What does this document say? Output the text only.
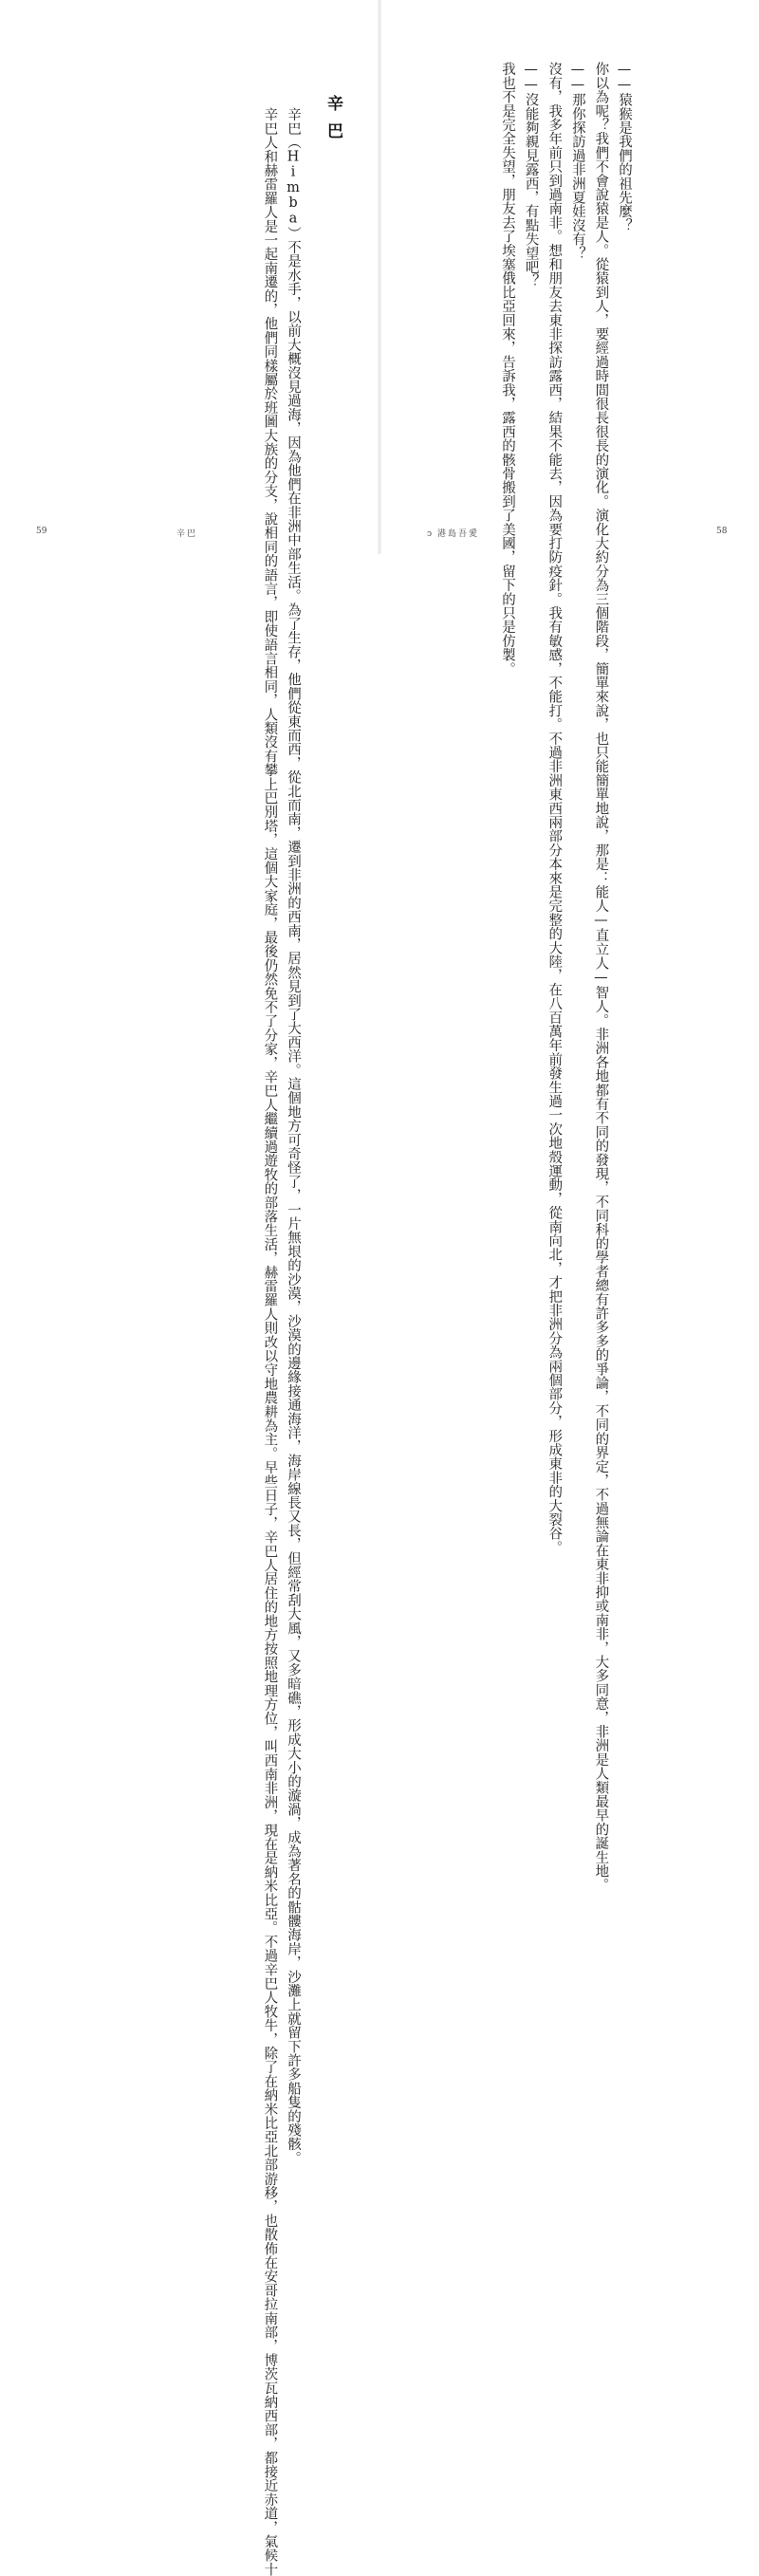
　　辛巴（Himba）不是水手，以前大概沒見過海，因為他們在非洲中部生活。為了生存，他們從東而西，從北而南，遷到非洲的西南，居然見到了大西洋。這個地方可奇怪了，一片無垠的沙漠，沙漠的邊緣接通海洋，海岸線長又長，但經常刮大風，又多暗礁，形成大小的漩渦，成為著名的骷髏海岸，沙灘上就留下許多船隻的殘骸。

　　辛巴人和赫雷羅人是一起南遷的，他們同樣屬於班圖大族的分支，說相同的語言，即使語言相同，人類沒有攀上巴別塔，這個大家庭，最後仍然免不了分家，辛巴人繼續過遊牧的部落生活，赫雷羅人則改以守地農耕為主。早些日子，辛巴人居住的地方按照地理方位，叫西南非洲，現在是納米比亞。不過辛巴人牧牛，除了在納米比亞北部游移，也散佈在安哥拉南部，博茨瓦納西部，都接近赤道，氣候十	辛巴
59	辛巴

　　——猿猴是我們的祖先麼？

　　你以為呢？我們不會說猿是人。從猿到人，要經過時間很長很長的演化。演化大約分為三個階段，簡單來說，也只能簡單地說，那是：能人—直立人—智人。非洲各地都有不同的發現，不同科的學者總有許多多的爭論，不同的界定，不過無論在東非抑或南非，大多同意，非洲是人類最早的誕生地。

　　——那你探訪過非洲夏娃沒有？

　　沒有，我多年前只到過南非。想和朋友去東非探訪露西，結果不能去，因為要打防疫針。我有敏感，不能打。不過非洲東西兩部分本來是完整的大陸，在八百萬年前發生過一次地殼運動，從南向北，才把非洲分為兩個部分，形成東非的大裂谷。

　　——沒能夠親見露西，有點失望吧？

　　我也不是完全失望，朋友去了埃塞俄比亞回來，告訴我，露西的骸骨搬到了美國，留下的只是仿製。

ↄ 港島吾愛	58
